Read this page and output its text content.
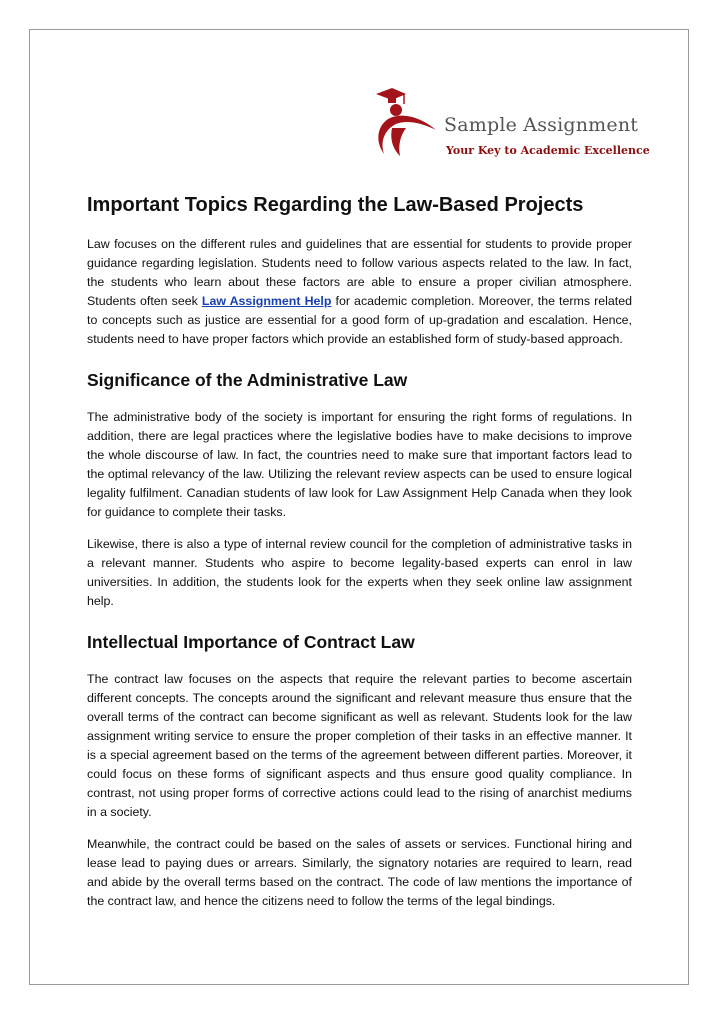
Sample Assignment
Your Key to Academic Excellence
Important Topics Regarding the Law-Based Projects

Law focuses on the different rules and guidelines that are essential for students to provide proper guidance regarding legislation. Students need to follow various aspects related to the law. In fact, the students who learn about these factors are able to ensure a proper civilian atmosphere. Students often seek Law Assignment Help for academic completion. Moreover, the terms related to concepts such as justice are essential for a good form of up-gradation and escalation. Hence, students need to have proper factors which provide an established form of study-based approach.

Significance of the Administrative Law

The administrative body of the society is important for ensuring the right forms of regulations. In addition, there are legal practices where the legislative bodies have to make decisions to improve the whole discourse of law. In fact, the countries need to make sure that important factors lead to the optimal relevancy of the law. Utilizing the relevant review aspects can be used to ensure logical legality fulfilment. Canadian students of law look for Law Assignment Help Canada when they look for guidance to complete their tasks.

Likewise, there is also a type of internal review council for the completion of administrative tasks in a relevant manner. Students who aspire to become legality-based experts can enrol in law universities. In addition, the students look for the experts when they seek online law assignment help.

Intellectual Importance of Contract Law

The contract law focuses on the aspects that require the relevant parties to become ascertain different concepts. The concepts around the significant and relevant measure thus ensure that the overall terms of the contract can become significant as well as relevant. Students look for the law assignment writing service to ensure the proper completion of their tasks in an effective manner. It is a special agreement based on the terms of the agreement between different parties. Moreover, it could focus on these forms of significant aspects and thus ensure good quality compliance. In contrast, not using proper forms of corrective actions could lead to the rising of anarchist mediums in a society.

Meanwhile, the contract could be based on the sales of assets or services. Functional hiring and lease lead to paying dues or arrears. Similarly, the signatory notaries are required to learn, read and abide by the overall terms based on the contract. The code of law mentions the importance of the contract law, and hence the citizens need to follow the terms of the legal bindings.
